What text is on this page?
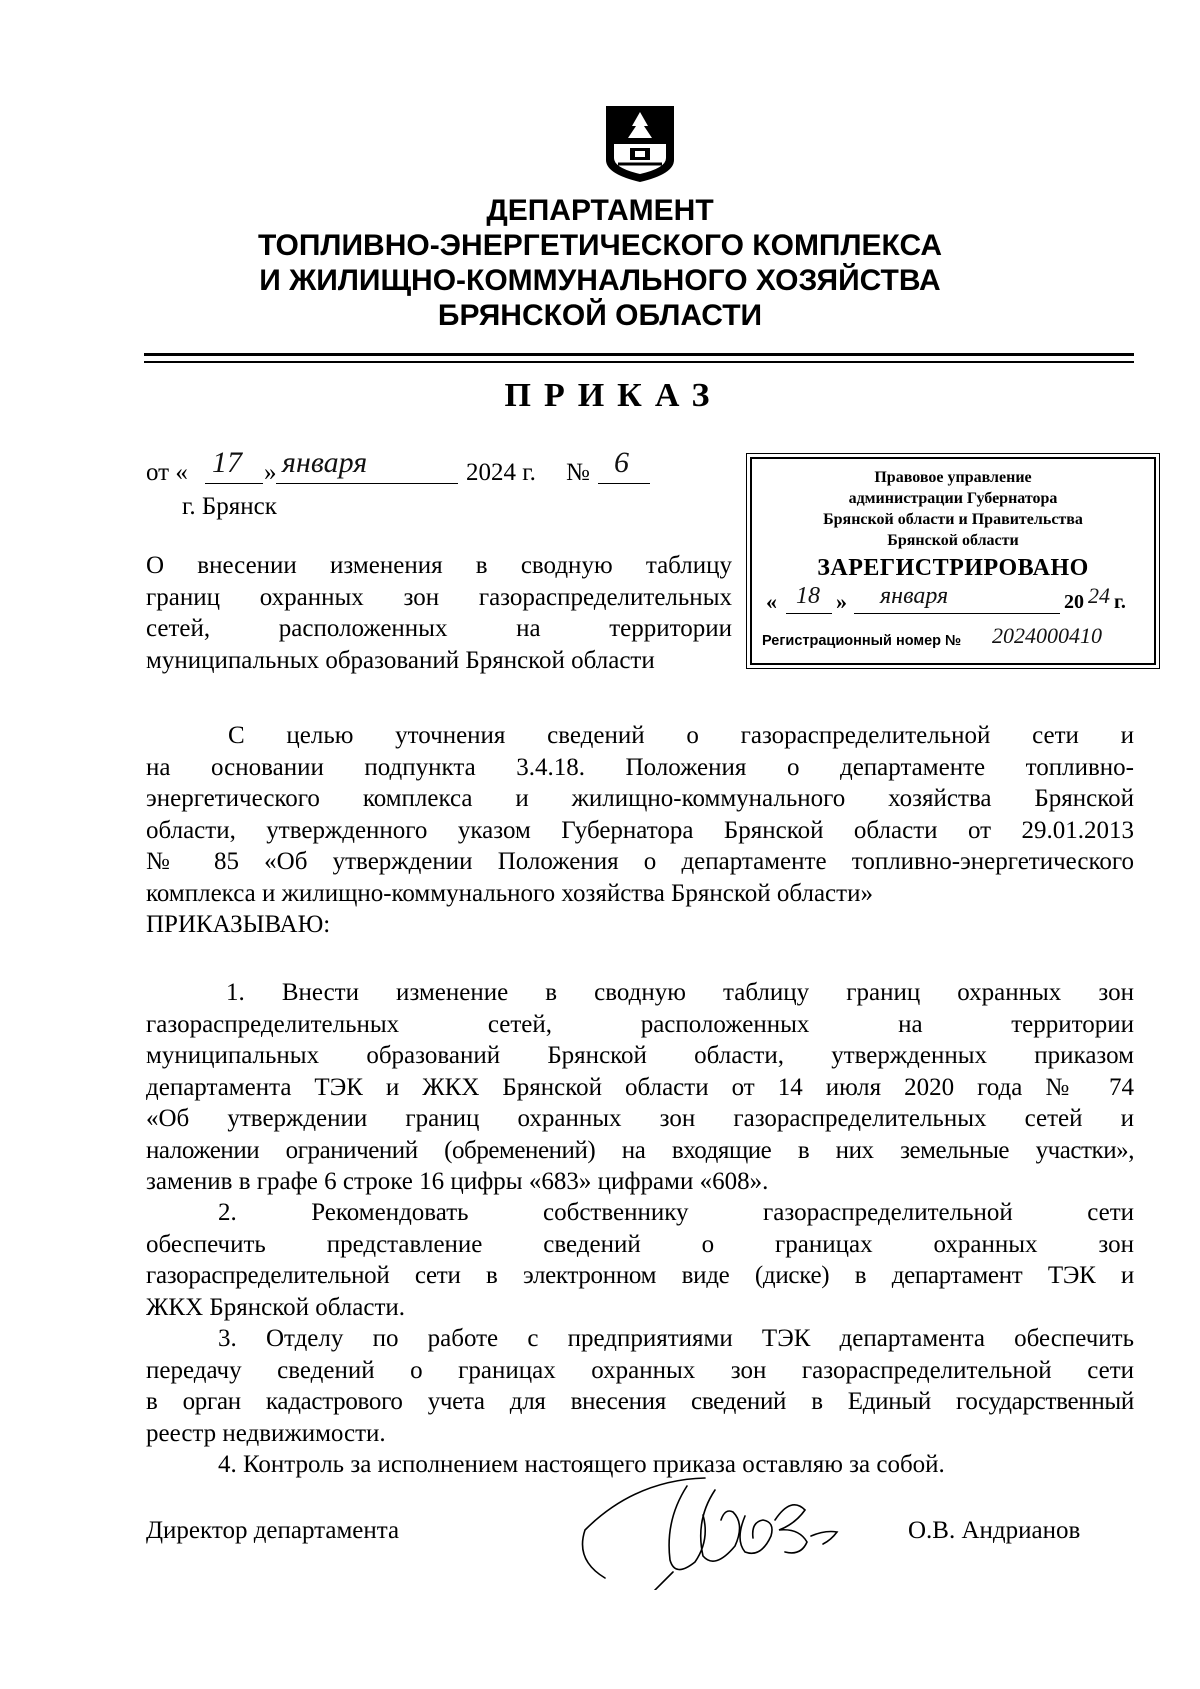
ДЕПАРТАМЕНТ
ТОПЛИВНО-ЭНЕРГЕТИЧЕСКОГО КОМПЛЕКСА
И ЖИЛИЩНО-КОММУНАЛЬНОГО ХОЗЯЙСТВА
БРЯНСКОЙ ОБЛАСТИ
ПРИКАЗ
от « 17 » января	2024 г. № 6
г. Брянск
Правовое управление
администрации Губернатора
Брянской области и Правительства
Брянской области
ЗАРЕГИСТРИРОВАНО
« 18 » января	20 24 г.
Регистрационный номер № 2024000410
О внесении изменения в сводную таблицу
границ охранных зон газораспределительных
сетей, расположенных на территории
муниципальных образований Брянской области
С целью уточнения сведений о газораспределительной сети и
на основании подпункта 3.4.18. Положения о департаменте топливно-
энергетического комплекса и жилищно-коммунального хозяйства Брянской
области, утвержденного указом Губернатора Брянской области от 29.01.2013
№ 85 «Об утверждении Положения о департаменте топливно-энергетического
комплекса и жилищно-коммунального хозяйства Брянской области»
ПРИКАЗЫВАЮ:
1. Внести изменение в сводную таблицу границ охранных зон
газораспределительных сетей, расположенных на территории
муниципальных образований Брянской области, утвержденных приказом
департамента ТЭК и ЖКХ Брянской области от 14 июля 2020 года № 74
«Об утверждении границ охранных зон газораспределительных сетей и
наложении ограничений (обременений) на входящие в них земельные участки»,
заменив в графе 6 строке 16 цифры «683» цифрами «608».
2. Рекомендовать собственнику газораспределительной сети
обеспечить представление сведений о границах охранных зон
газораспределительной сети в электронном виде (диске) в департамент ТЭК и
ЖКХ Брянской области.
3. Отделу по работе с предприятиями ТЭК департамента обеспечить
передачу сведений о границах охранных зон газораспределительной сети
в орган кадастрового учета для внесения сведений в Единый государственный
реестр недвижимости.
4. Контроль за исполнением настоящего приказа оставляю за собой.
Директор департамента	О.В. Андрианов
